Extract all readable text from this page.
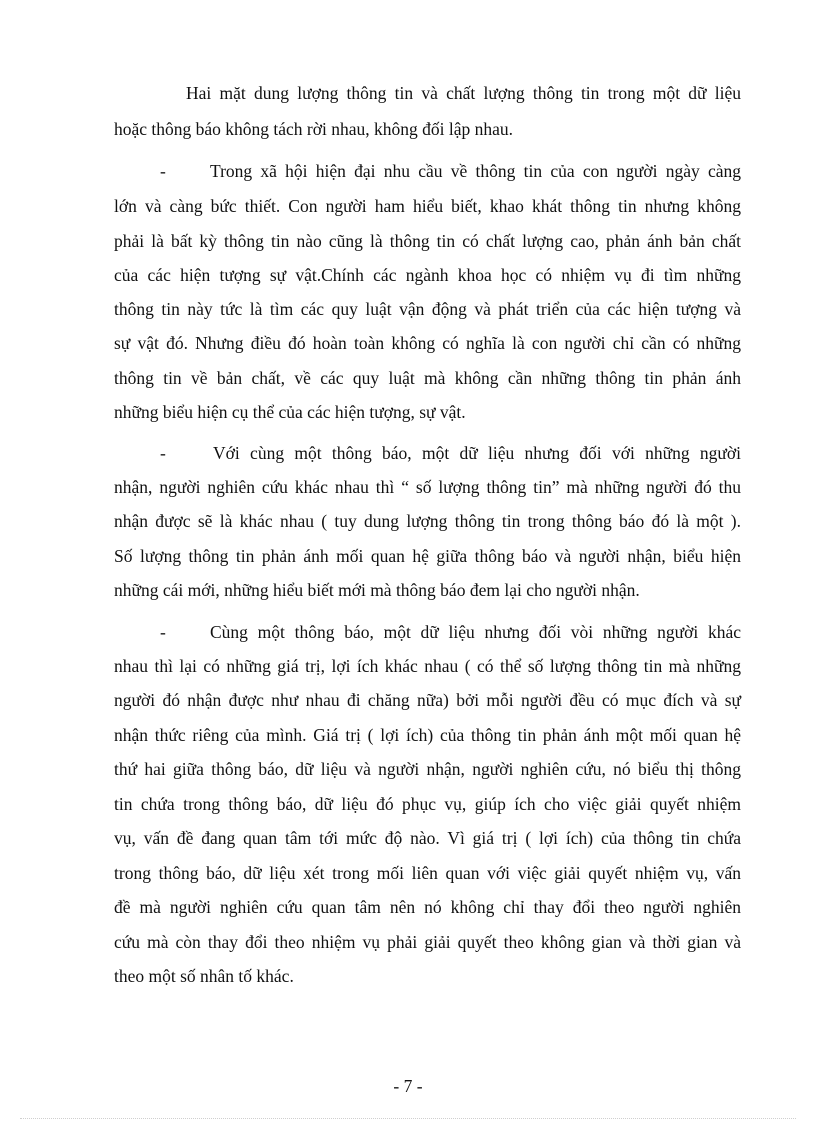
Hai mặt dung lượng thông tin và chất lượng thông tin trong một dữ liệu
hoặc thông báo không tách rời nhau, không đối lập nhau.
-	Trong xã hội hiện đại nhu cầu về thông tin của con người ngày càng
lớn và càng bức thiết. Con người ham hiểu biết, khao khát thông tin nhưng không
phải là bất kỳ thông tin nào cũng là thông tin có chất lượng cao, phản ánh bản chất
của các hiện tượng sự vật.Chính các ngành khoa học có nhiệm vụ đi tìm những
thông tin này tức là tìm các quy luật vận động và phát triển của các hiện tượng và
sự vật đó. Nhưng điều đó hoàn toàn không có nghĩa là con người chỉ cần có những
thông tin về bản chất, về các quy luật mà không cần những thông tin phản ánh
những biểu hiện cụ thể của các hiện tượng, sự vật.
-	Với cùng một thông báo, một dữ liệu nhưng đối với những người
nhận, người nghiên cứu khác nhau thì “ số lượng thông tin” mà những người đó thu
nhận được sẽ là khác nhau ( tuy dung lượng thông tin trong thông báo đó là một ).
Số lượng thông tin phản ánh mối quan hệ giữa thông báo và người nhận, biểu hiện
những cái mới, những hiểu biết mới mà thông báo đem lại cho người nhận.
-	Cùng một thông báo, một dữ liệu nhưng đối vòi những người khác
nhau thì lại có những giá trị, lợi ích khác nhau ( có thể số lượng thông tin mà những
người đó nhận được như nhau đi chăng nữa) bởi mỗi người đều có mục đích và sự
nhận thức riêng của mình. Giá trị ( lợi ích) của thông tin phản ánh một mối quan hệ
thứ hai giữa thông báo, dữ liệu và người nhận, người nghiên cứu, nó biểu thị thông
tin chứa trong thông báo, dữ liệu đó phục vụ, giúp ích cho việc giải quyết nhiệm
vụ, vấn đề đang quan tâm tới mức độ nào. Vì giá trị ( lợi ích) của thông tin chứa
trong thông báo, dữ liệu xét trong mối liên quan với việc giải quyết nhiệm vụ, vấn
đề mà người nghiên cứu quan tâm nên nó không chỉ thay đổi theo người nghiên
cứu mà còn thay đổi theo nhiệm vụ phải giải quyết theo không gian và thời gian và
theo một số nhân tố khác.
- 7 -
